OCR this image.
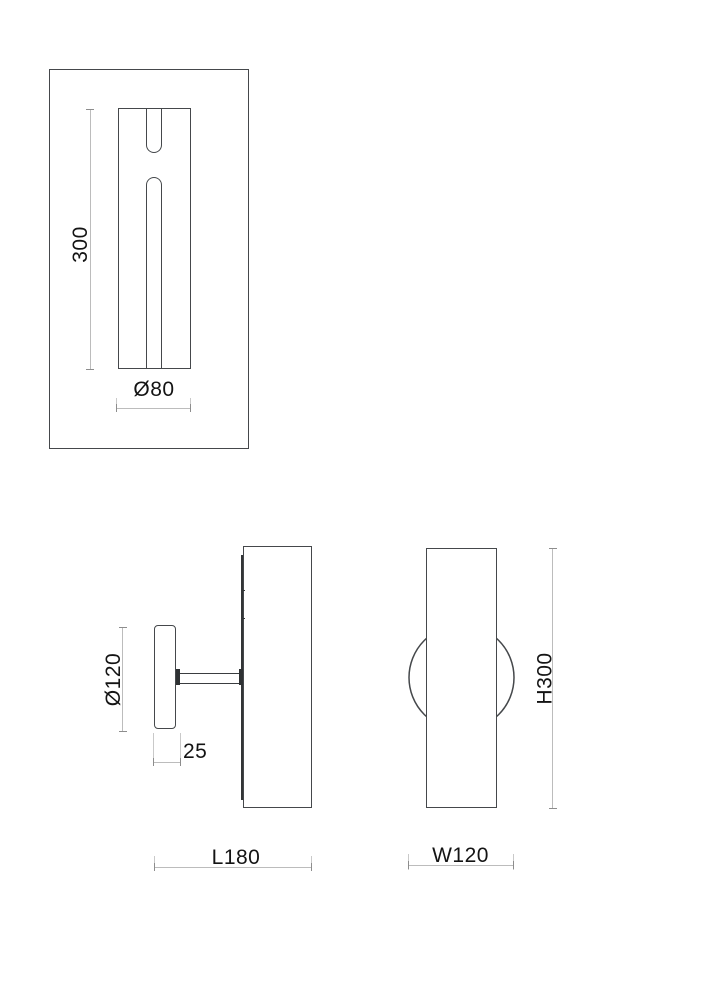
300
Ø80
Ø120
25
L180
H300
W120
